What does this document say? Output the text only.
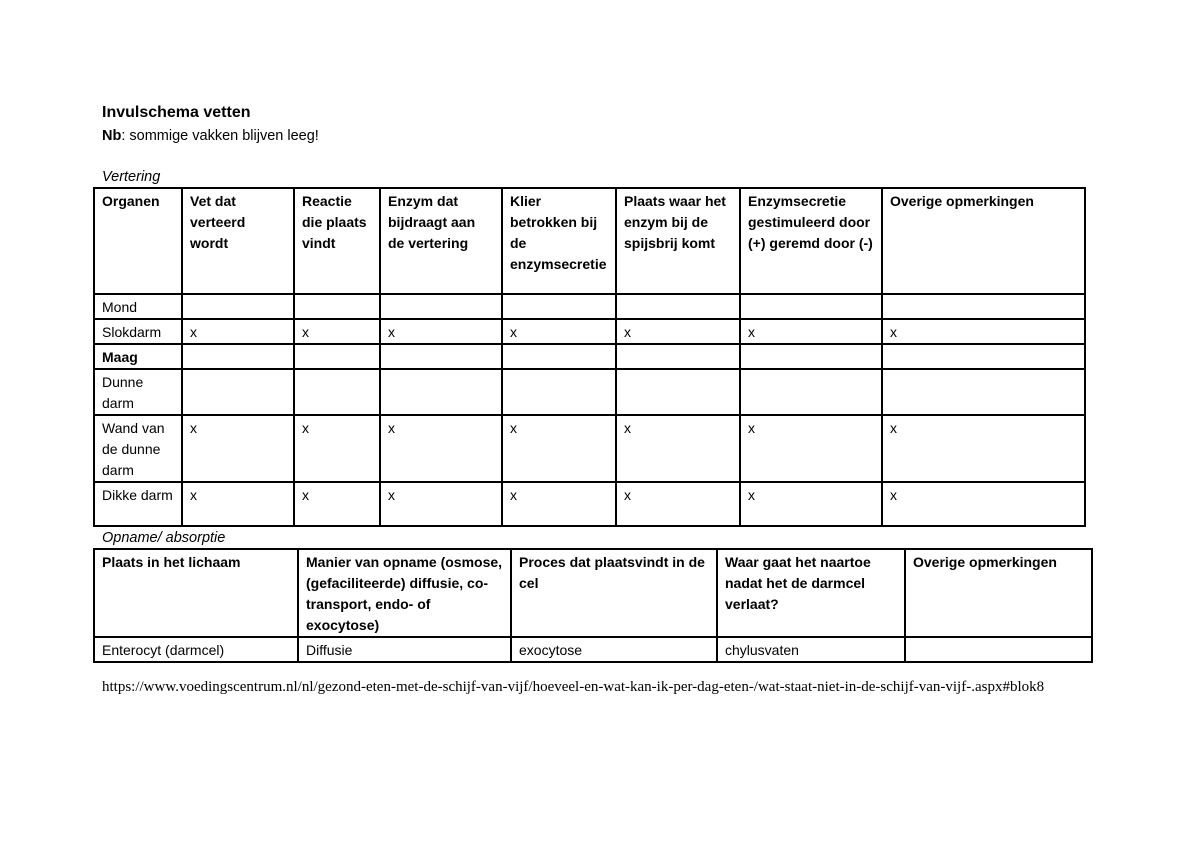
Invulschema vetten
Nb: sommige vakken blijven leeg!
Vertering
Organen	Vet dat verteerd wordt	Reactie die plaats vindt	Enzym dat bijdraagt aan de vertering	Klier betrokken bij de enzymsecretie	Plaats waar het enzym bij de spijsbrij komt	Enzymsecretie gestimuleerd door (+) geremd door (-)	Overige opmerkingen
Mond							
Slokdarm	x	x	x	x	x	x	x
Maag							
Dunne darm							
Wand van de dunne darm	x	x	x	x	x	x	x
Dikke darm	x	x	x	x	x	x	x
Opname/ absorptie
Plaats in het lichaam	Manier van opname (osmose, (gefaciliteerde) diffusie, co-transport, endo- of exocytose)	Proces dat plaatsvindt in de cel	Waar gaat het naartoe nadat het de darmcel verlaat?	Overige opmerkingen
Enterocyt (darmcel)	Diffusie	exocytose	chylusvaten	
https://www.voedingscentrum.nl/nl/gezond-eten-met-de-schijf-van-vijf/hoeveel-en-wat-kan-ik-per-dag-eten-/wat-staat-niet-in-de-schijf-van-vijf-.aspx#blok8
